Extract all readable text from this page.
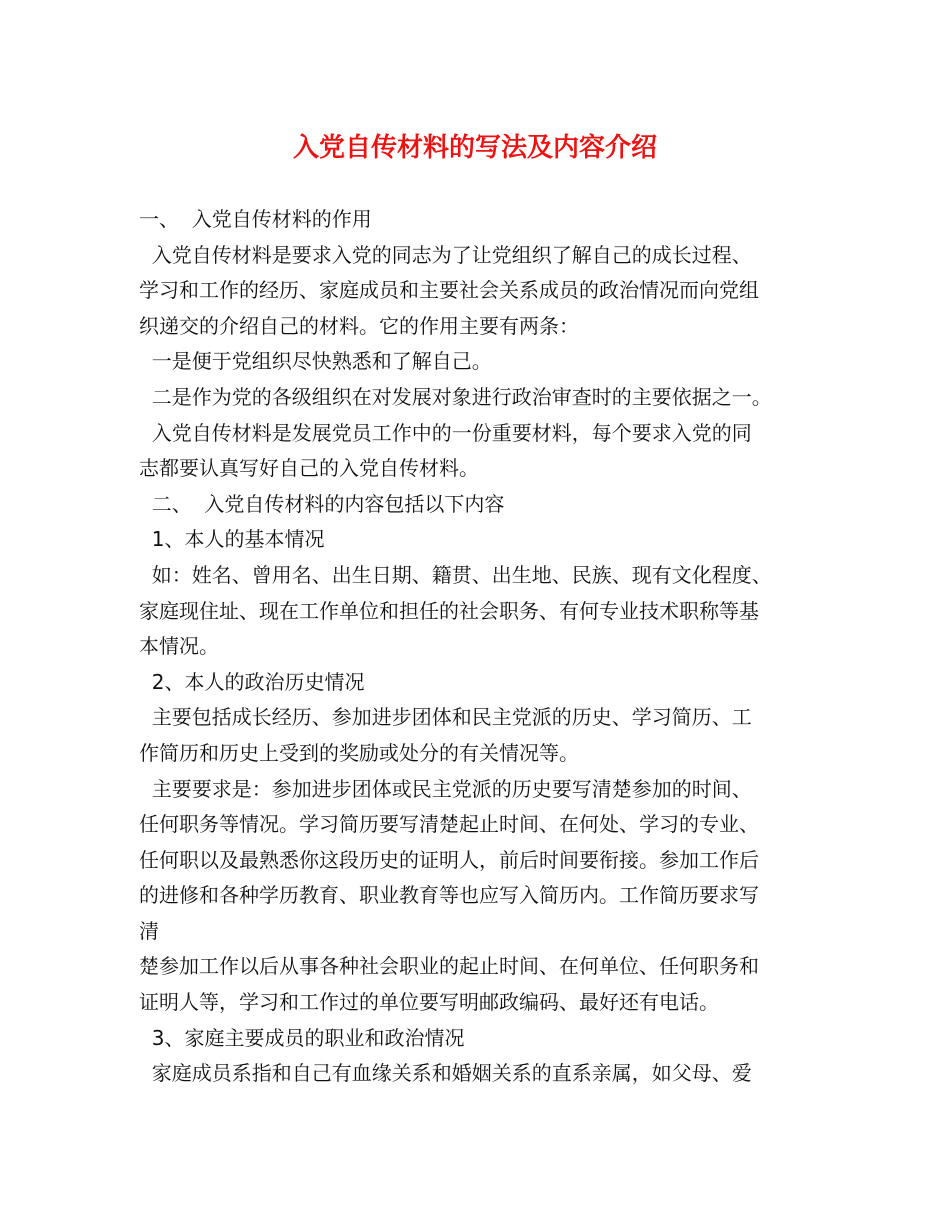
入党自传材料的写法及内容介绍
一、  入党自传材料的作用
入党自传材料是要求入党的同志为了让党组织了解自己的成长过程、
学习和工作的经历、家庭成员和主要社会关系成员的政治情况而向党组
织递交的介绍自己的材料。它的作用主要有两条：
一是便于党组织尽快熟悉和了解自己。
二是作为党的各级组织在对发展对象进行政治审查时的主要依据之一。
入党自传材料是发展党员工作中的一份重要材料，每个要求入党的同
志都要认真写好自己的入党自传材料。
二、  入党自传材料的内容包括以下内容
1、本人的基本情况
如：姓名、曾用名、出生日期、籍贯、出生地、民族、现有文化程度、
家庭现住址、现在工作单位和担任的社会职务、有何专业技术职称等基
本情况。
2、本人的政治历史情况
主要包括成长经历、参加进步团体和民主党派的历史、学习简历、工
作简历和历史上受到的奖励或处分的有关情况等。
主要要求是：参加进步团体或民主党派的历史要写清楚参加的时间、
任何职务等情况。学习简历要写清楚起止时间、在何处、学习的专业、
任何职以及最熟悉你这段历史的证明人，前后时间要衔接。参加工作后
的进修和各种学历教育、职业教育等也应写入简历内。工作简历要求写
清
楚参加工作以后从事各种社会职业的起止时间、在何单位、任何职务和
证明人等，学习和工作过的单位要写明邮政编码、最好还有电话。
3、家庭主要成员的职业和政治情况
家庭成员系指和自己有血缘关系和婚姻关系的直系亲属，如父母、爱
